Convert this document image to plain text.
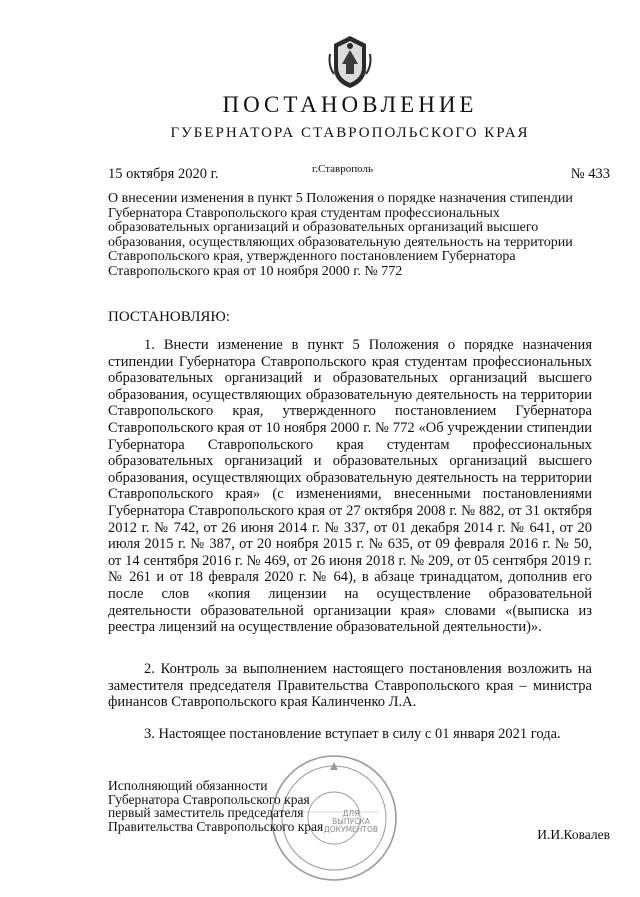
ПОСТАНОВЛЕНИЕ
ГУБЕРНАТОРА СТАВРОПОЛЬСКОГО КРАЯ
15 октября 2020 г.	г.Ставрополь	№ 433

О внесении изменения в пункт 5 Положения о порядке назначения стипендии Губернатора Ставропольского края студентам профессиональных образовательных организаций и образовательных организаций высшего образования, осуществляющих образовательную деятельность на территории Ставропольского края, утвержденного постановлением Губернатора Ставропольского края от 10 ноября 2000 г. № 772

ПОСТАНОВЛЯЮ:

1. Внести изменение в пункт 5 Положения о порядке назначения стипендии Губернатора Ставропольского края студентам профессиональных образовательных организаций и образовательных организаций высшего образования, осуществляющих образовательную деятельность на территории Ставропольского края, утвержденного постановлением Губернатора Ставропольского края от 10 ноября 2000 г. № 772 «Об учреждении стипендии Губернатора Ставропольского края студентам профессиональных образовательных организаций и образовательных организаций высшего образования, осуществляющих образовательную деятельность на территории Ставропольского края» (с изменениями, внесенными постановлениями Губернатора Ставропольского края от 27 октября 2008 г. № 882, от 31 октября 2012 г. № 742, от 26 июня 2014 г. № 337, от 01 декабря 2014 г. № 641, от 20 июля 2015 г. № 387, от 20 ноября 2015 г. № 635, от 09 февраля 2016 г. № 50, от 14 сентября 2016 г. № 469, от 26 июня 2018 г. № 209, от 05 сентября 2019 г. № 261 и от 18 февраля 2020 г. № 64), в абзаце тринадцатом, дополнив его после слов «копия лицензии на осуществление образовательной деятельности образовательной организации края» словами «(выписка из реестра лицензий на осуществление образовательной деятельности)».

2. Контроль за выполнением настоящего постановления возложить на заместителя председателя Правительства Ставропольского края – министра финансов Ставропольского края Калинченко Л.А.

3. Настоящее постановление вступает в силу с 01 января 2021 года.

ДЛЯ
ВЫПУСКА
ДОКУМЕНТОВ
Исполняющий обязанности
Губернатора Ставропольского края
первый заместитель председателя
Правительства Ставропольского края
И.И.Ковалев
